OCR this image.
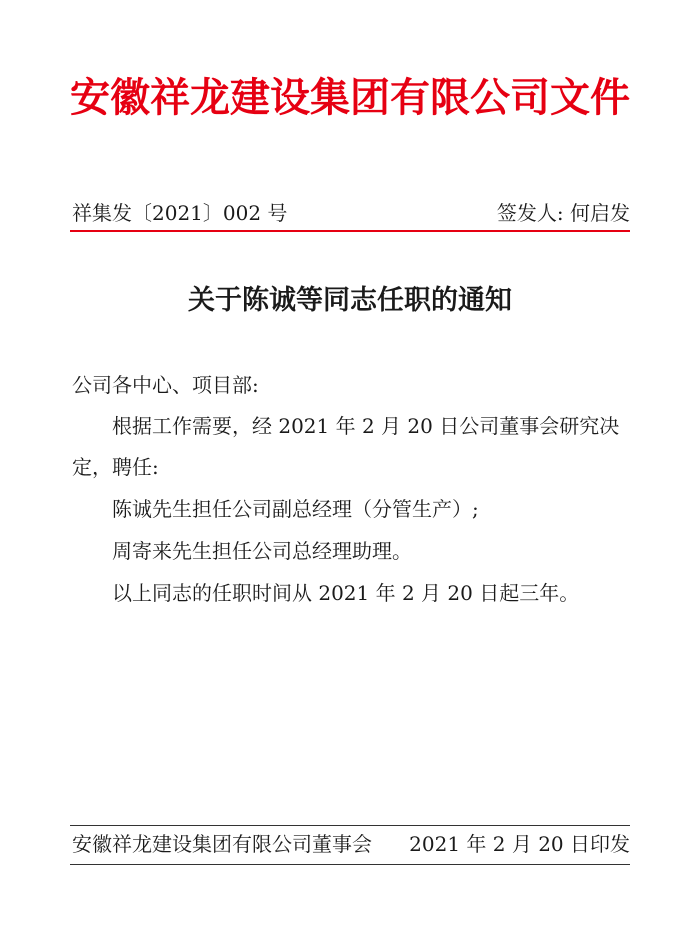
安徽祥龙建设集团有限公司文件
祥集发〔2021〕002 号	签发人: 何启发
关于陈诚等同志任职的通知
公司各中心、项目部:
根据工作需要，经 2021 年 2 月 20 日公司董事会研究决
定，聘任:
陈诚先生担任公司副总经理（分管生产）;
周寄来先生担任公司总经理助理。
以上同志的任职时间从 2021 年 2 月 20 日起三年。
安徽祥龙建设集团有限公司董事会 2021 年 2 月 20 日印发
